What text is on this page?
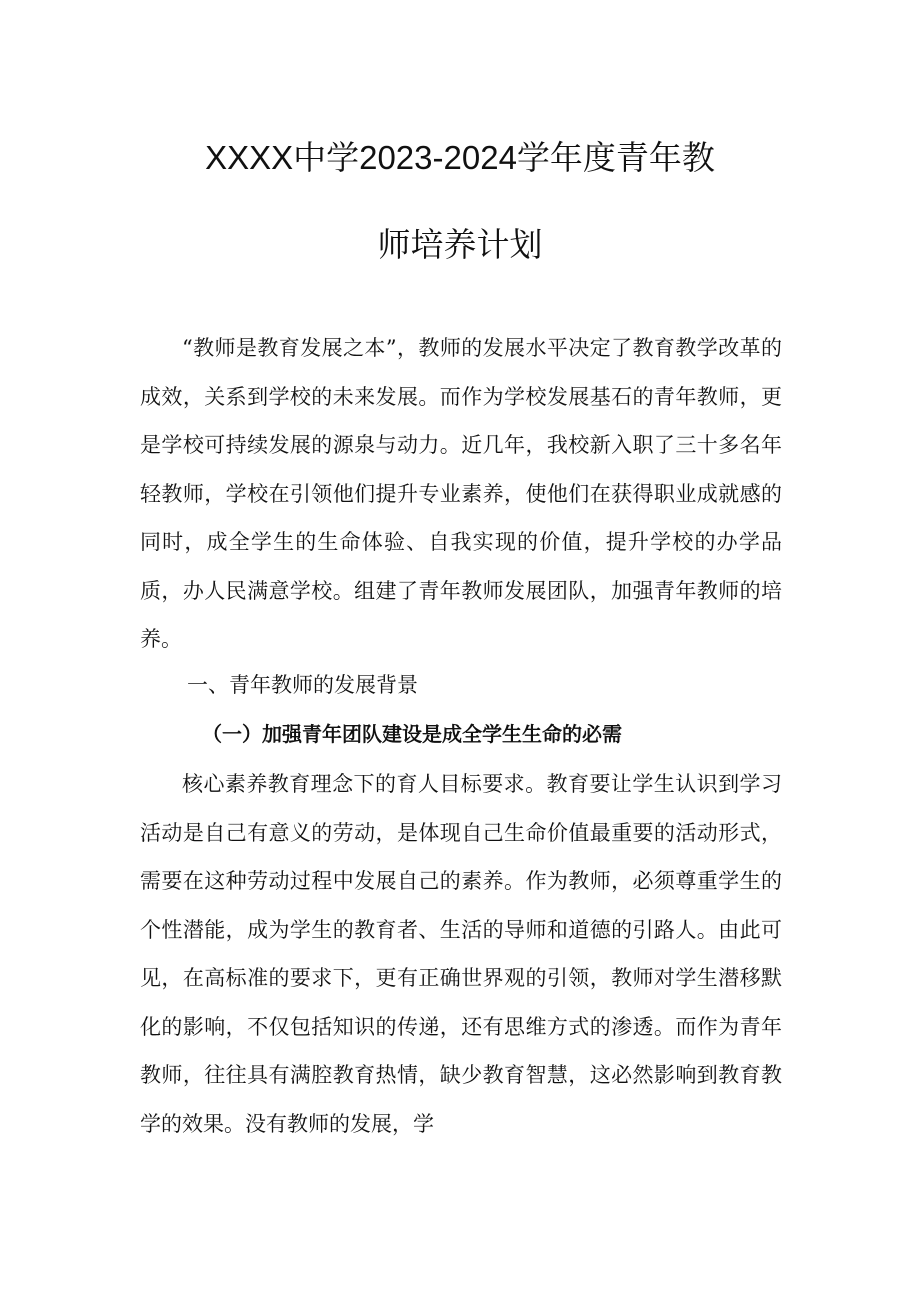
XXXX中学2023-2024学年度青年教
师培养计划

“教师是教育发展之本”，教师的发展水平决定了教育教学改革的成效，关系到学校的未来发展。而作为学校发展基石的青年教师，更是学校可持续发展的源泉与动力。近几年，我校新入职了三十多名年轻教师，学校在引领他们提升专业素养，使他们在获得职业成就感的同时，成全学生的生命体验、自我实现的价值，提升学校的办学品质，办人民满意学校。组建了青年教师发展团队，加强青年教师的培养。

一、青年教师的发展背景
（一）加强青年团队建设是成全学生生命的必需

核心素养教育理念下的育人目标要求。教育要让学生认识到学习活动是自己有意义的劳动，是体现自己生命价值最重要的活动形式，需要在这种劳动过程中发展自己的素养。作为教师，必须尊重学生的个性潜能，成为学生的教育者、生活的导师和道德的引路人。由此可见，在高标准的要求下，更有正确世界观的引领，教师对学生潜移默化的影响，不仅包括知识的传递，还有思维方式的渗透。而作为青年教师，往往具有满腔教育热情，缺少教育智慧，这必然影响到教育教学的效果。没有教师的发展，学
